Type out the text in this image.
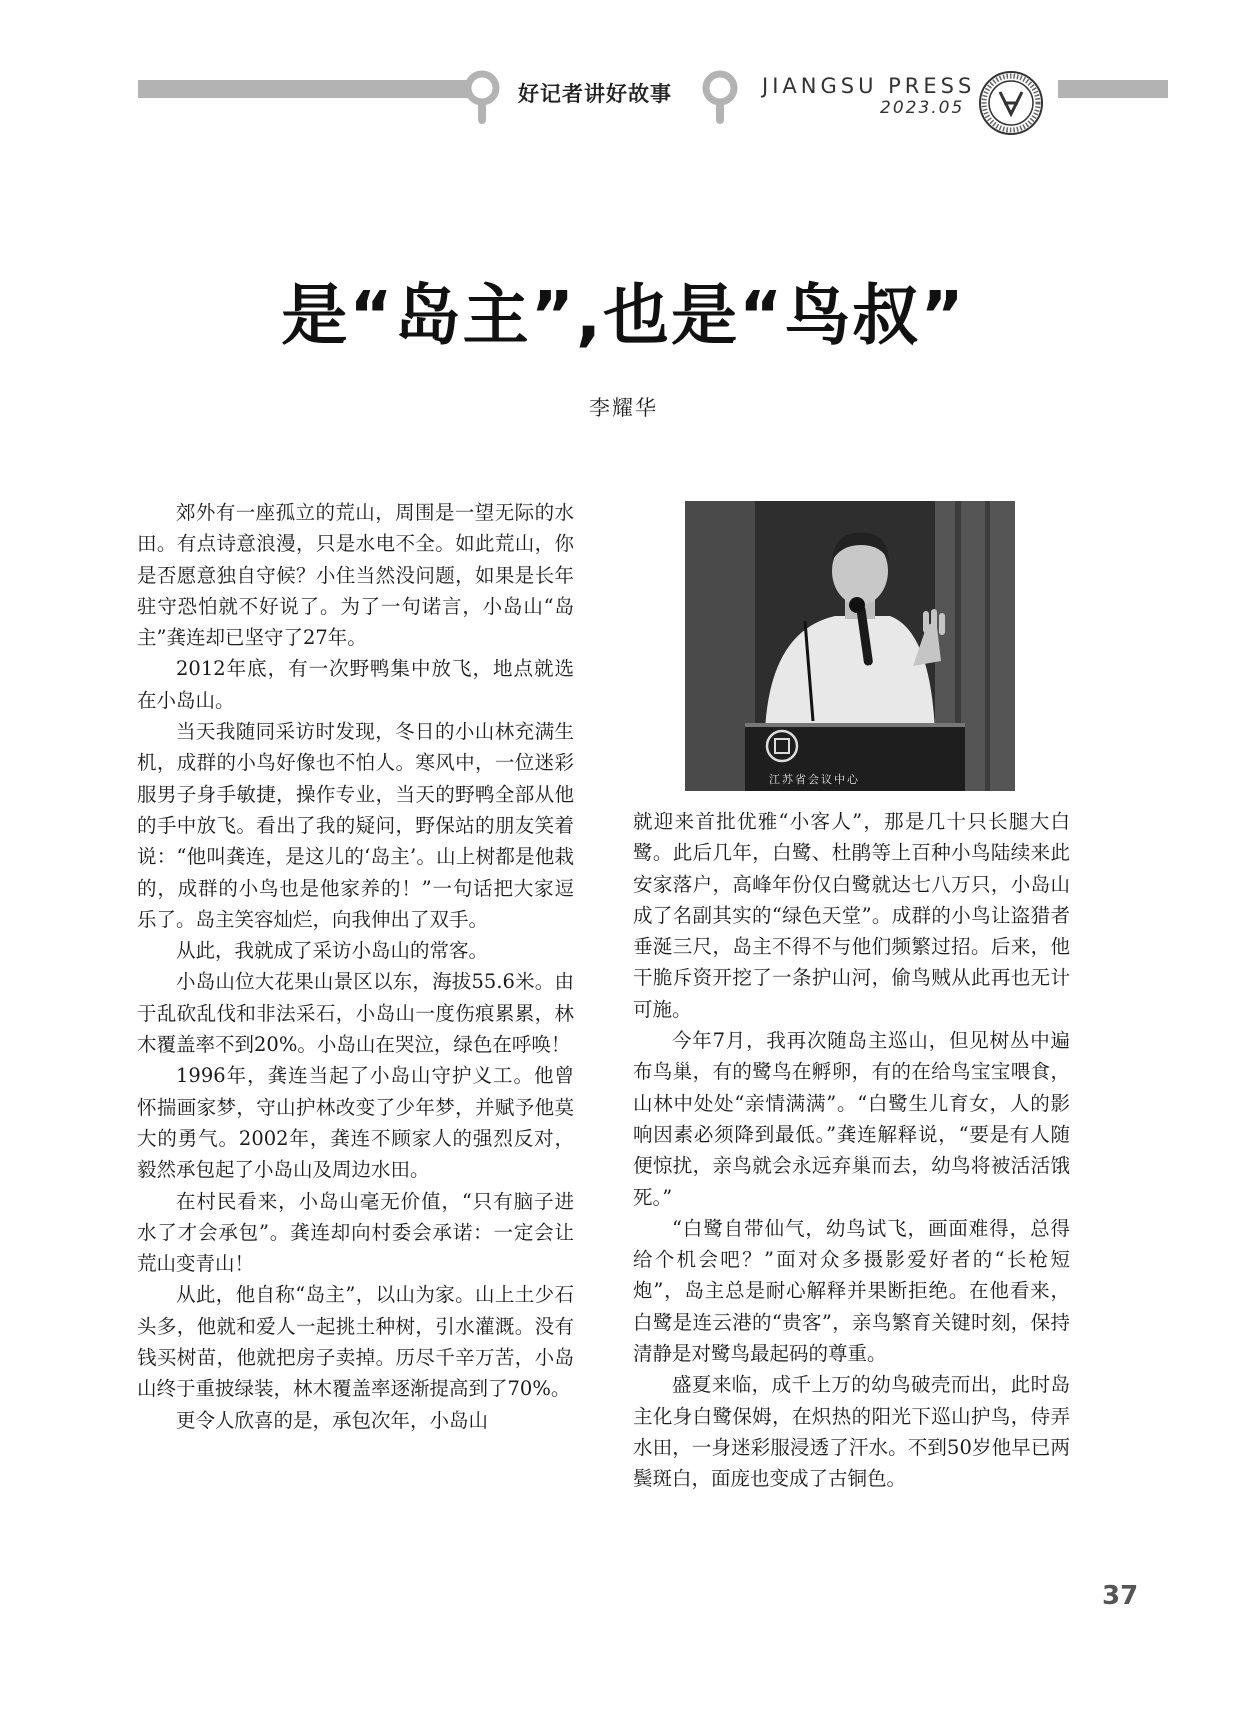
好记者讲好故事	JIANGSU PRESS
2023.05
是“岛主”,也是“鸟叔”
李耀华

郊外有一座孤立的荒山，周围是一望无际的水田。有点诗意浪漫，只是水电不全。如此荒山，你是否愿意独自守候？小住当然没问题，如果是长年驻守恐怕就不好说了。为了一句诺言，小岛山“岛主”龚连却已坚守了27年。

2012年底，有一次野鸭集中放飞，地点就选在小岛山。

当天我随同采访时发现，冬日的小山林充满生机，成群的小鸟好像也不怕人。寒风中，一位迷彩服男子身手敏捷，操作专业，当天的野鸭全部从他的手中放飞。看出了我的疑问，野保站的朋友笑着说：“他叫龚连，是这儿的‘岛主’。山上树都是他栽的，成群的小鸟也是他家养的！”一句话把大家逗乐了。岛主笑容灿烂，向我伸出了双手。

从此，我就成了采访小岛山的常客。

小岛山位大花果山景区以东，海拔55.6米。由于乱砍乱伐和非法采石，小岛山一度伤痕累累，林木覆盖率不到20%。小岛山在哭泣，绿色在呼唤！

1996年，龚连当起了小岛山守护义工。他曾怀揣画家梦，守山护林改变了少年梦，并赋予他莫大的勇气。2002年，龚连不顾家人的强烈反对，毅然承包起了小岛山及周边水田。

在村民看来，小岛山毫无价值，“只有脑子进水了才会承包”。龚连却向村委会承诺：一定会让荒山变青山！

从此，他自称“岛主”，以山为家。山上土少石头多，他就和爱人一起挑土种树，引水灌溉。没有钱买树苗，他就把房子卖掉。历尽千辛万苦，小岛山终于重披绿装，林木覆盖率逐渐提高到了70%。

更令人欣喜的是，承包次年，小岛山

江苏省会议中心

就迎来首批优雅“小客人”，那是几十只长腿大白鹭。此后几年，白鹭、杜鹃等上百种小鸟陆续来此安家落户，高峰年份仅白鹭就达七八万只，小岛山成了名副其实的“绿色天堂”。成群的小鸟让盗猎者垂涎三尺，岛主不得不与他们频繁过招。后来，他干脆斥资开挖了一条护山河，偷鸟贼从此再也无计可施。

今年7月，我再次随岛主巡山，但见树丛中遍布鸟巢，有的鹭鸟在孵卵，有的在给鸟宝宝喂食，山林中处处“亲情满满”。“白鹭生儿育女，人的影响因素必须降到最低。”龚连解释说，“要是有人随便惊扰，亲鸟就会永远弃巢而去，幼鸟将被活活饿死。”

“白鹭自带仙气，幼鸟试飞，画面难得，总得给个机会吧？”面对众多摄影爱好者的“长枪短炮”，岛主总是耐心解释并果断拒绝。在他看来，白鹭是连云港的“贵客”，亲鸟繁育关键时刻，保持清静是对鹭鸟最起码的尊重。

盛夏来临，成千上万的幼鸟破壳而出，此时岛主化身白鹭保姆，在炽热的阳光下巡山护鸟，侍弄水田，一身迷彩服浸透了汗水。不到50岁他早已两鬓斑白，面庞也变成了古铜色。

37
